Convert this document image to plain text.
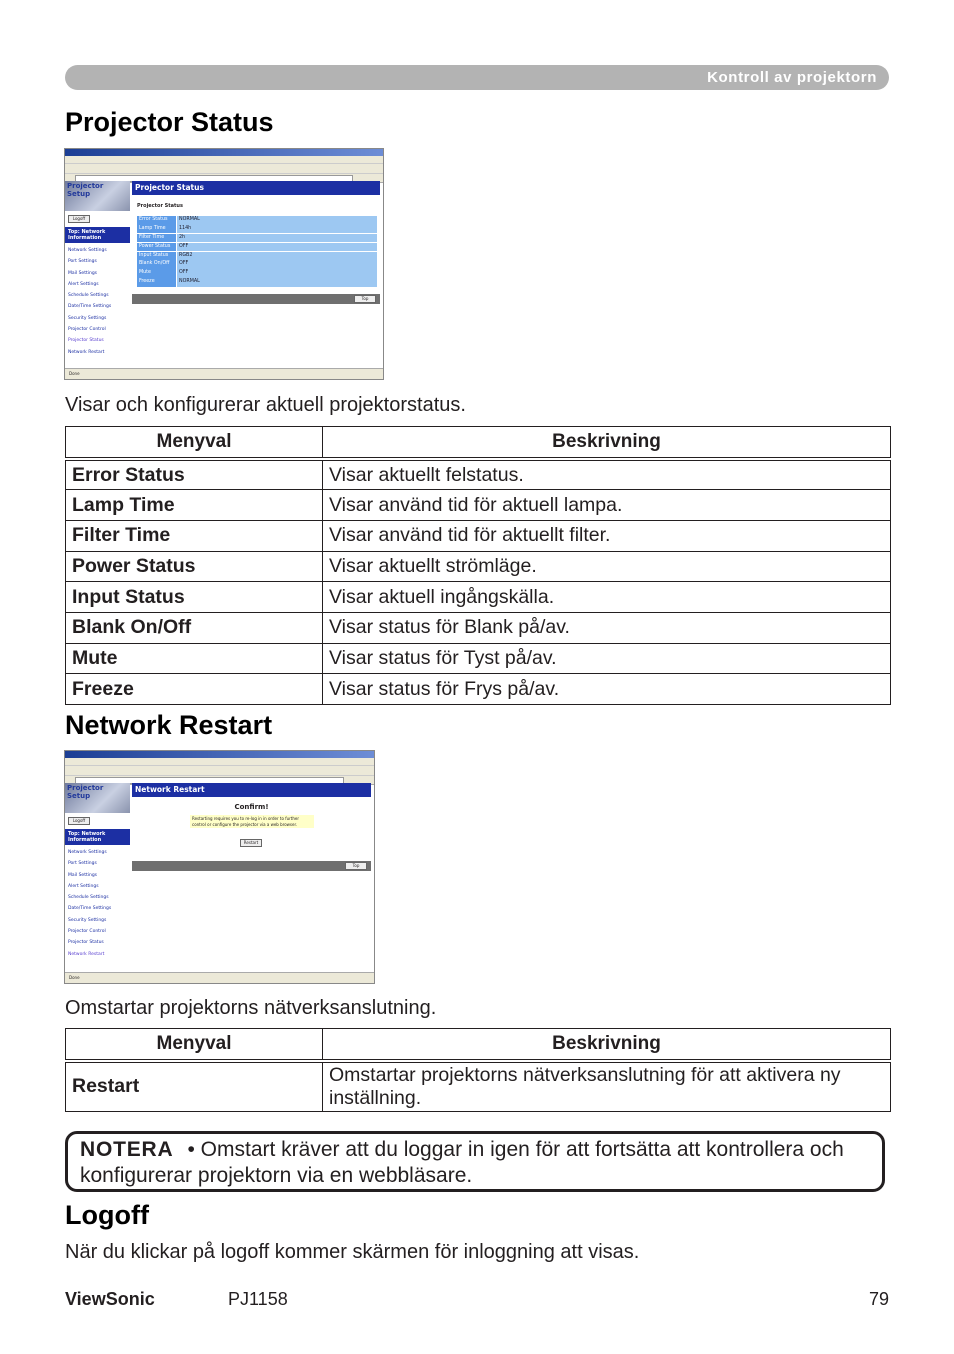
Kontroll av projektorn
Projector Status
Projector Setup
Logoff
Top: Network Information
Network Settings
Port Settings
Mail Settings
Alert Settings
Schedule Settings
Date/Time Settings
Security Settings
Projector Control
Projector Status
Network Restart
Projector Status
Projector Status
Error Status	NORMAL
Lamp Time	114h
Filter Time	2h
Power Status	OFF
Input Status	RGB2
Blank On/Off	OFF
Mute	OFF
Freeze	NORMAL
Top
Done

Visar och konfigurerar aktuell projektorstatus.

Menyval	Beskrivning
Error Status	Visar aktuellt felstatus.
Lamp Time	Visar använd tid för aktuell lampa.
Filter Time	Visar använd tid för aktuellt filter.
Power Status	Visar aktuellt strömläge.
Input Status	Visar aktuell ingångskälla.
Blank On/Off	Visar status för Blank på/av.
Mute	Visar status för Tyst på/av.
Freeze	Visar status för Frys på/av.
Network Restart
Projector Setup
Logoff
Top: Network Information
Network Settings
Port Settings
Mail Settings
Alert Settings
Schedule Settings
Date/Time Settings
Security Settings
Projector Control
Projector Status
Network Restart
Network Restart
Confirm!
Restarting requires you to re-log in in order to further control or configure the projector via a web browser.
Restart
Top
Done

Omstartar projektorns nätverksanslutning.

Menyval	Beskrivning
Restart	Omstartar projektorns nätverksanslutning för att aktivera ny inställning.
NOTERA • Omstart kräver att du loggar in igen för att fortsätta att kontrollera och konfigurerar projektorn via en webbläsare.
Logoff

När du klickar på logoff kommer skärmen för inloggning att visas.

ViewSonic	PJ1158	79
